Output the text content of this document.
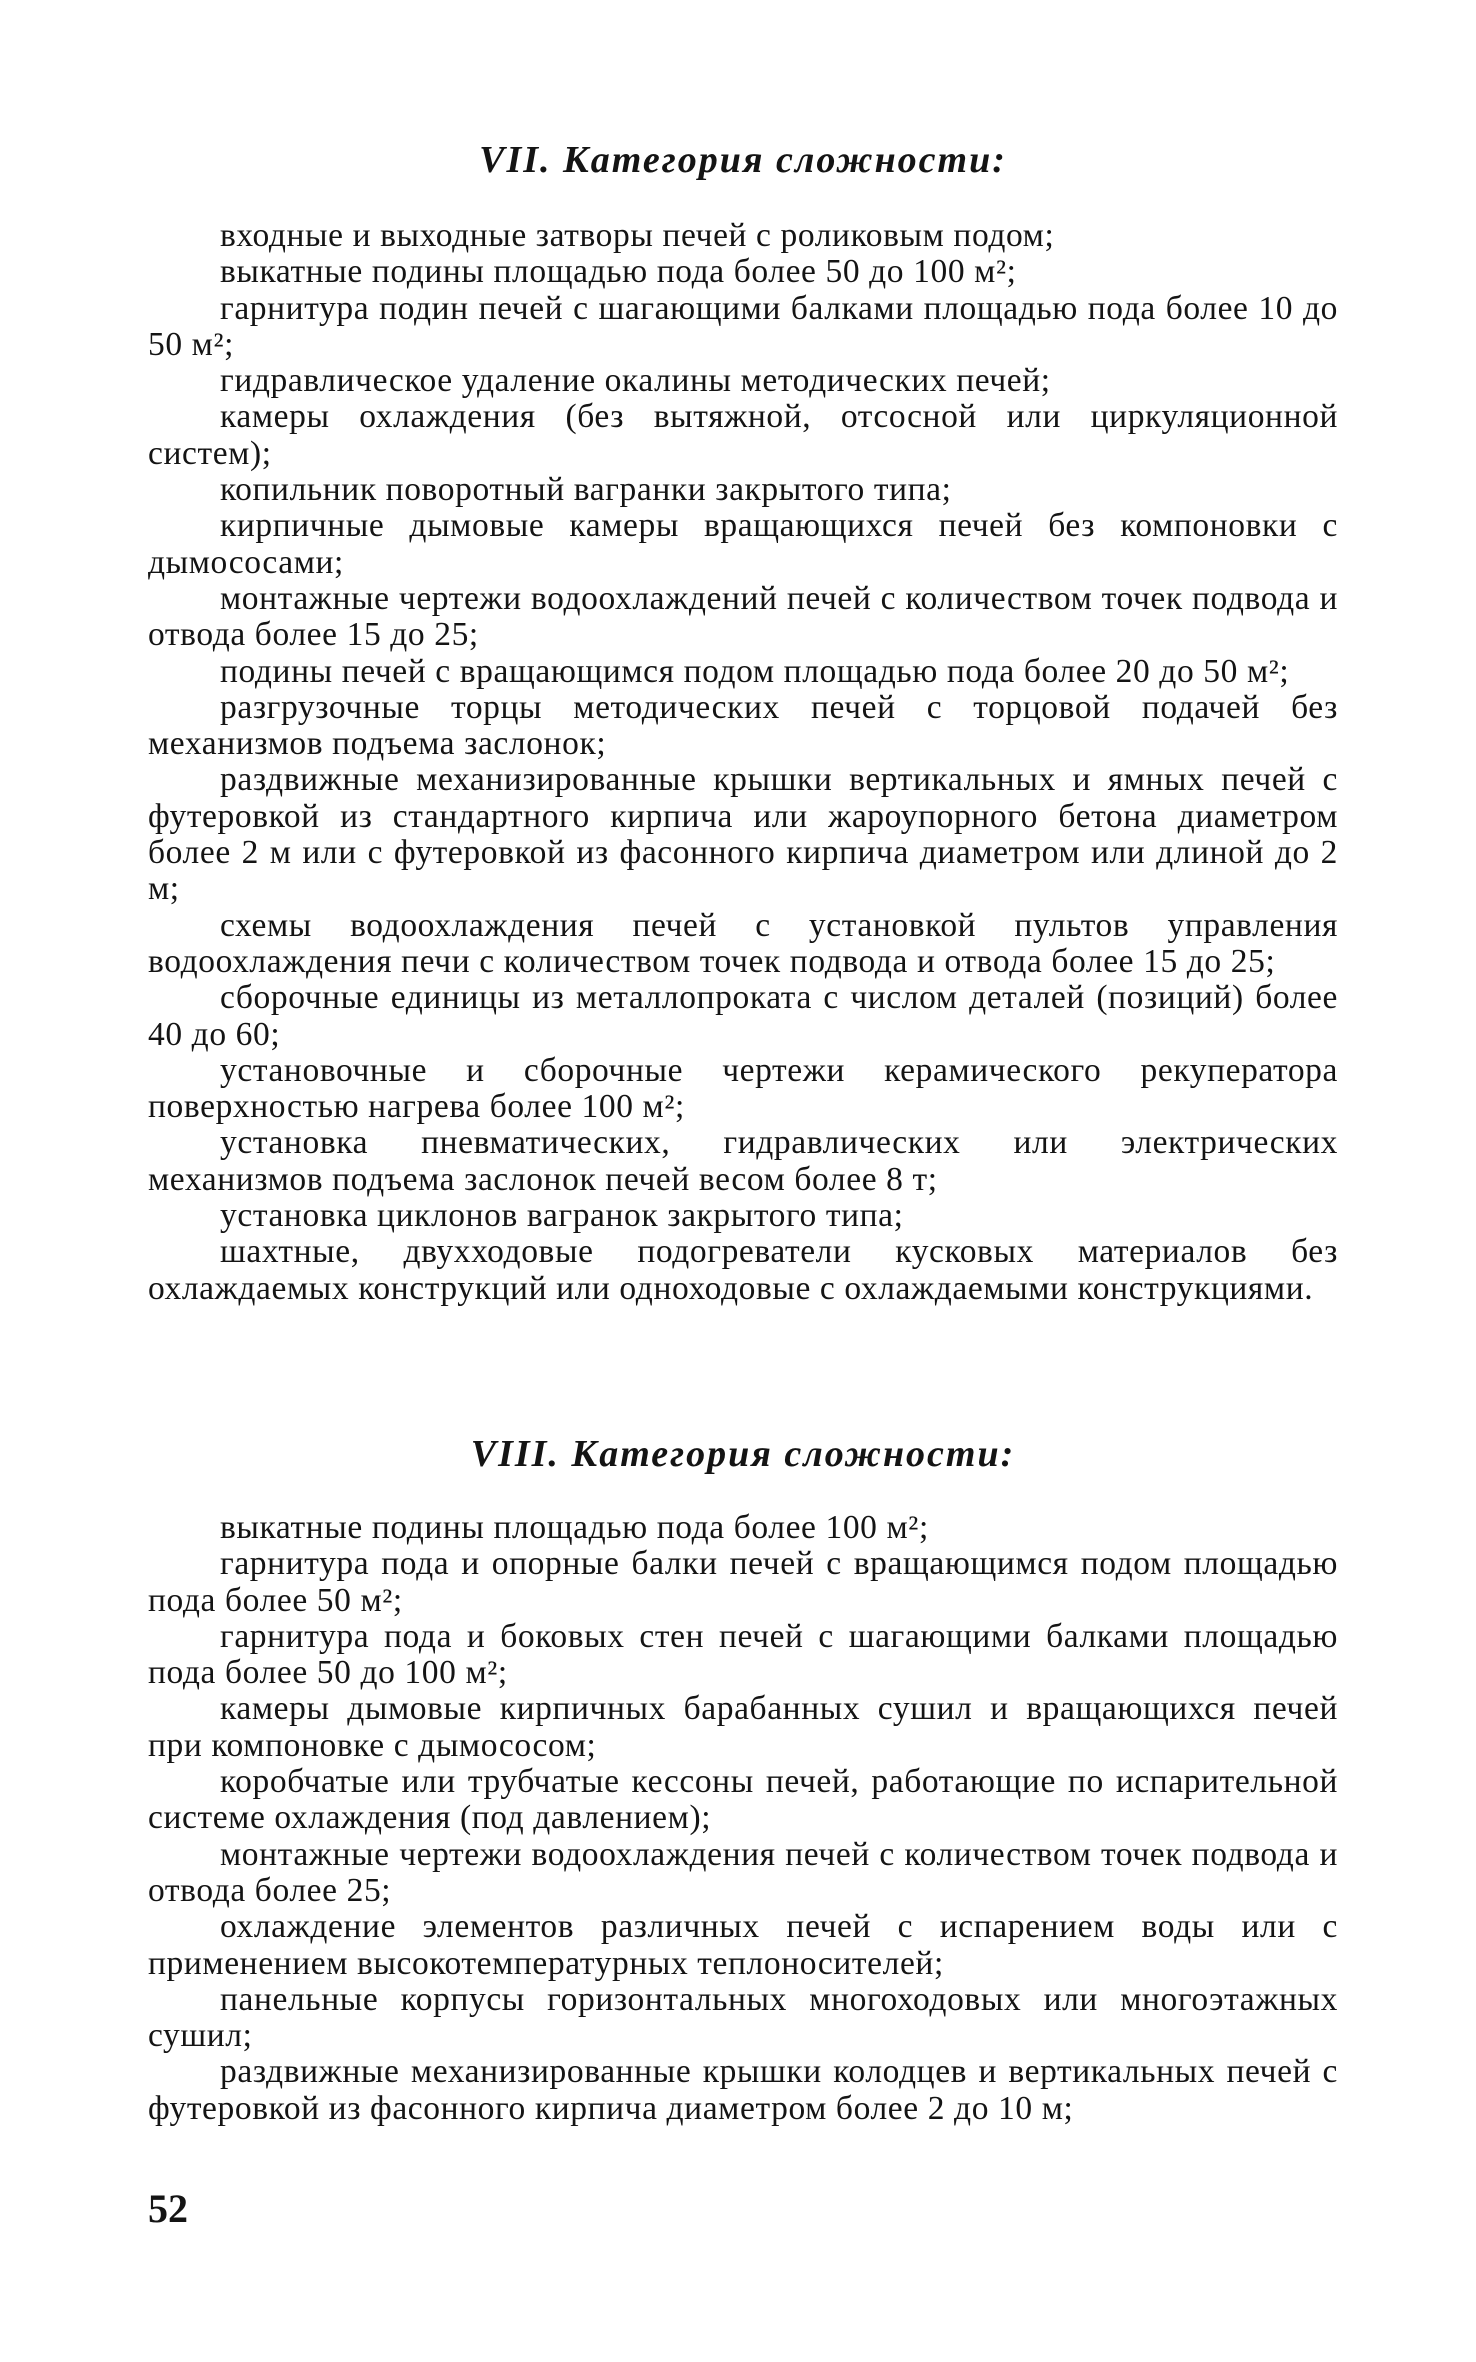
VII. Категория сложности:

входные и выходные затворы печей с роликовым подом;

выкатные подины площадью пода более 50 до 100 м²;

гарнитура подин печей с шагающими балками площадью пода более 10 до 50 м²;

гидравлическое удаление окалины методических печей;

камеры охлаждения (без вытяжной, отсосной или циркуляционной систем);

копильник поворотный вагранки закрытого типа;

кирпичные дымовые камеры вращающихся печей без компоновки с дымососами;

монтажные чертежи водоохлаждений печей с количеством точек подвода и отвода более 15 до 25;

подины печей с вращающимся подом площадью пода более 20 до 50 м²;

разгрузочные торцы методических печей с торцовой подачей без механизмов подъема заслонок;

раздвижные механизированные крышки вертикальных и ямных печей с футеровкой из стандартного кирпича или жароупорного бетона диаметром более 2 м или с футеровкой из фасонного кирпича диаметром или длиной до 2 м;

схемы водоохлаждения печей с установкой пультов управления водоохлаждения печи с количеством точек подвода и отвода более 15 до 25;

сборочные единицы из металлопроката с числом деталей (позиций) более 40 до 60;

установочные и сборочные чертежи керамического рекуператора поверхностью нагрева более 100 м²;

установка пневматических, гидравлических или электрических механизмов подъема заслонок печей весом более 8 т;

установка циклонов вагранок закрытого типа;

шахтные, двухходовые подогреватели кусковых материалов без охлаждаемых конструкций или одноходовые с охлаждаемыми конструкциями.

VIII. Категория сложности:

выкатные подины площадью пода более 100 м²;

гарнитура пода и опорные балки печей с вращающимся подом площадью пода более 50 м²;

гарнитура пода и боковых стен печей с шагающими балками площадью пода более 50 до 100 м²;

камеры дымовые кирпичных барабанных сушил и вращающихся печей при компоновке с дымососом;

коробчатые или трубчатые кессоны печей, работающие по испарительной системе охлаждения (под давлением);

монтажные чертежи водоохлаждения печей с количеством точек подвода и отвода более 25;

охлаждение элементов различных печей с испарением воды или с применением высокотемпературных теплоносителей;

панельные корпусы горизонтальных многоходовых или многоэтажных сушил;

раздвижные механизированные крышки колодцев и вертикальных печей с футеровкой из фасонного кирпича диаметром более 2 до 10 м;

52
